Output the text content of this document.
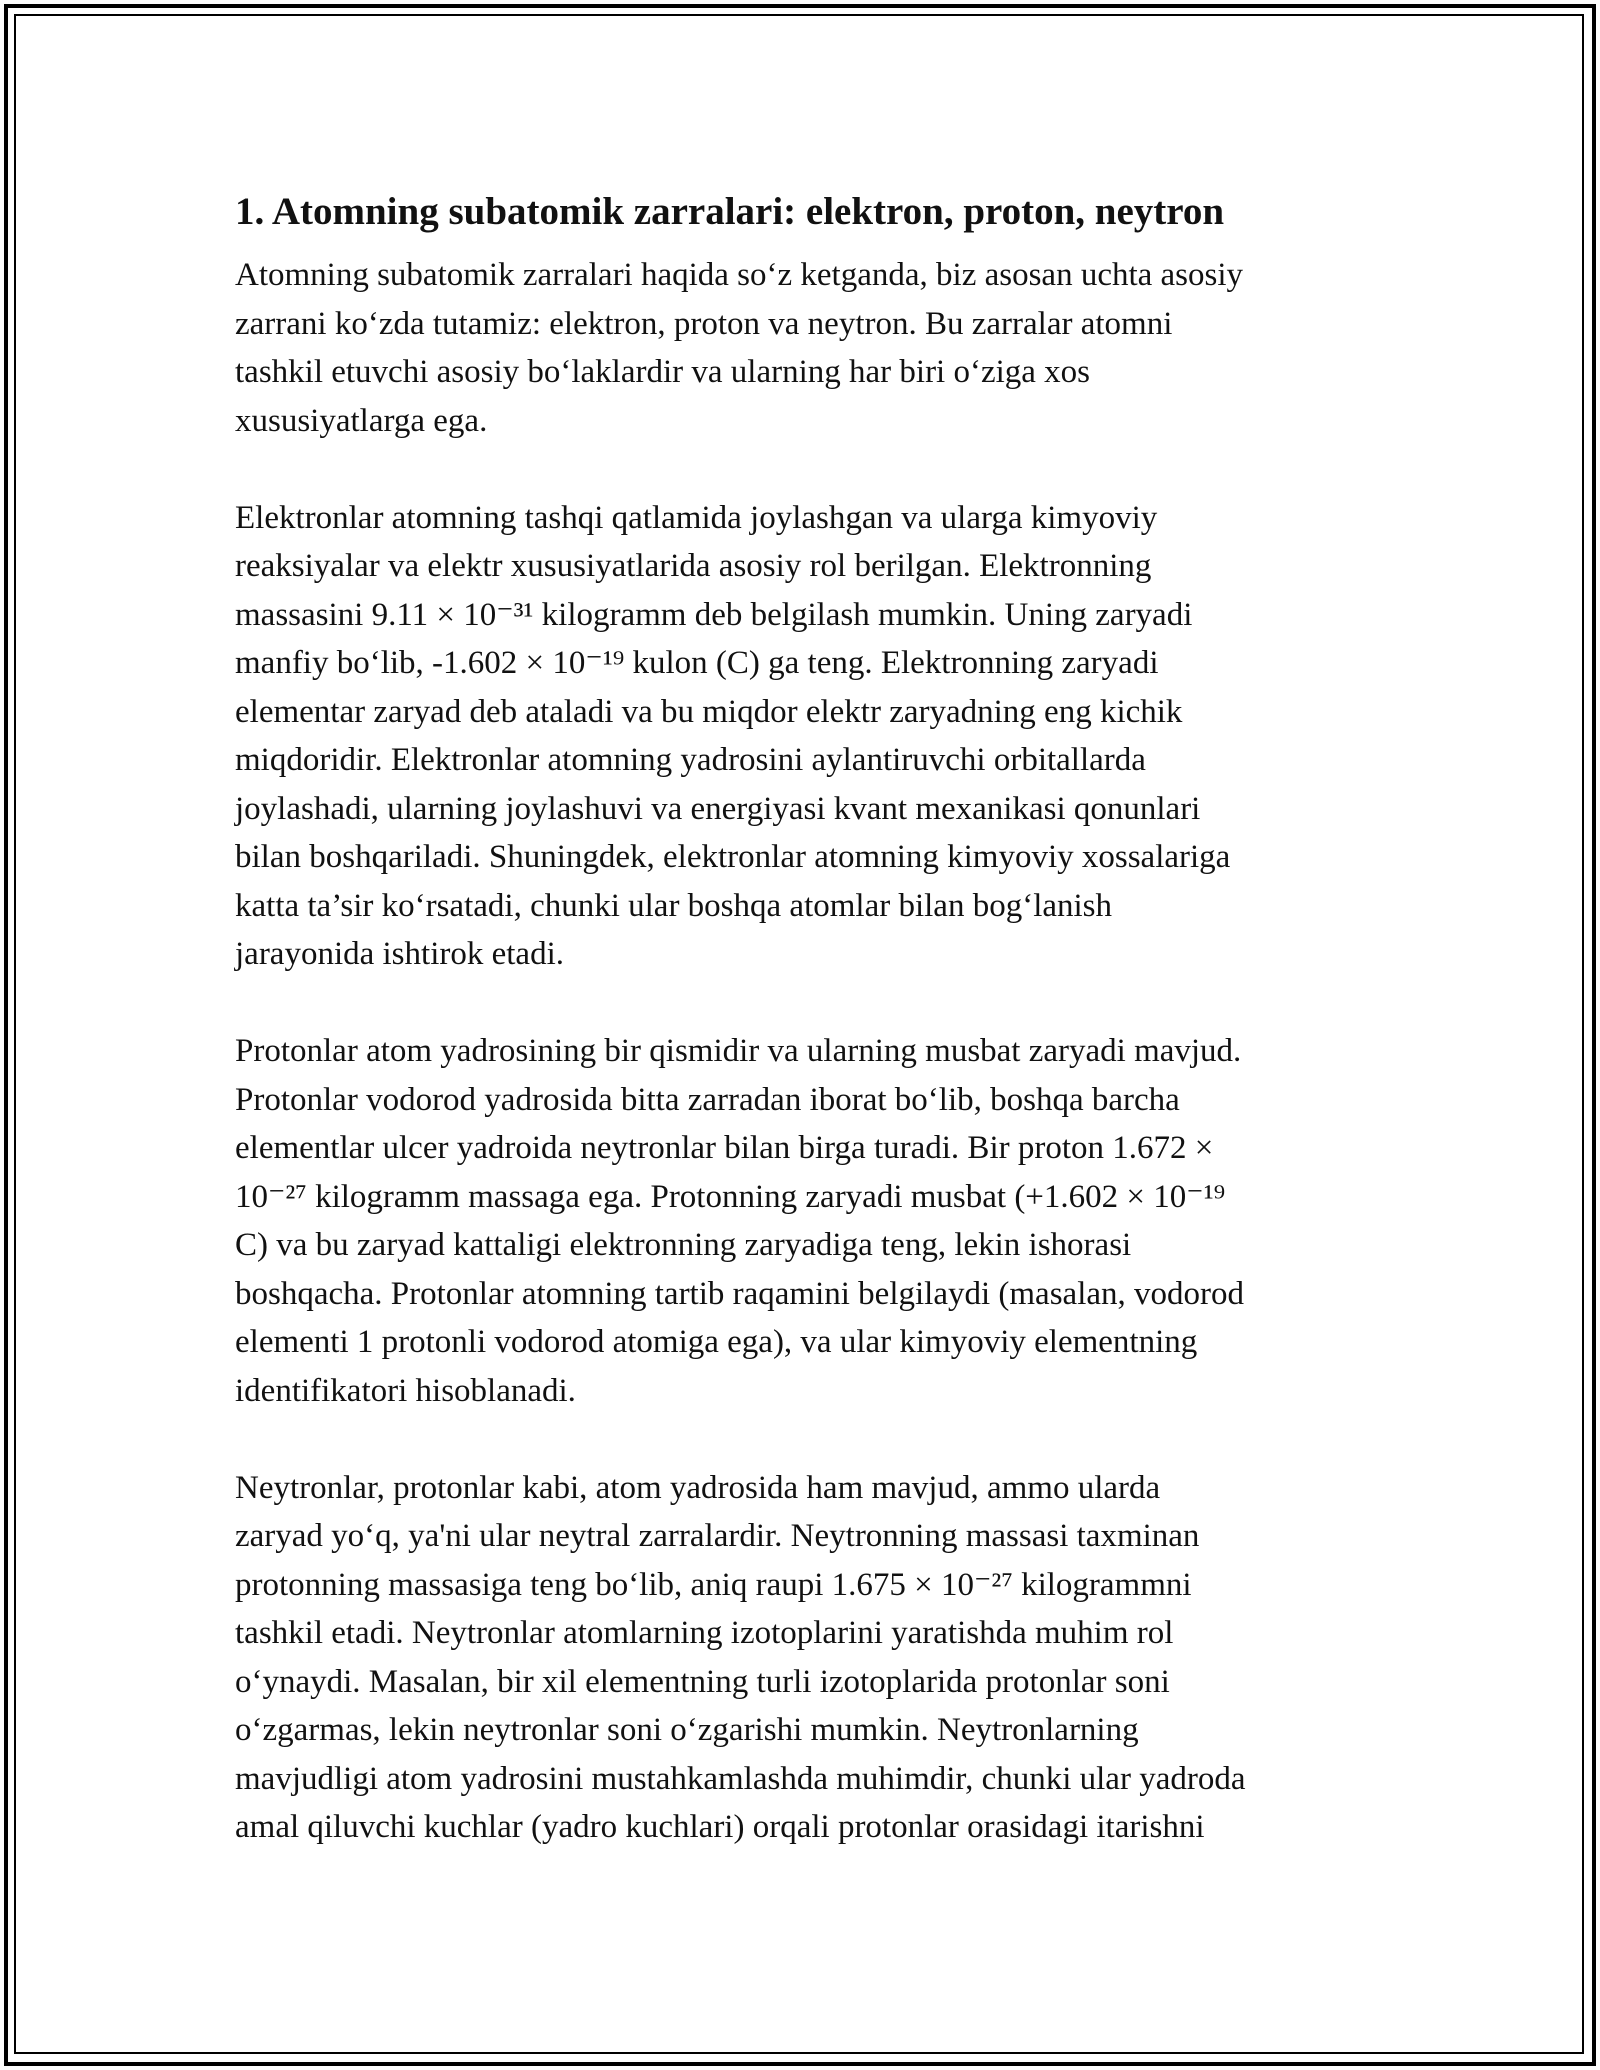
1. Atomning subatomik zarralari: elektron, proton, neytron

Atomning subatomik zarralari haqida so‘z ketganda, biz asosan uchta asosiy
zarrani ko‘zda tutamiz: elektron, proton va neytron. Bu zarralar atomni
tashkil etuvchi asosiy bo‘laklardir va ularning har biri o‘ziga xos
xususiyatlarga ega.

Elektronlar atomning tashqi qatlamida joylashgan va ularga kimyoviy
reaksiyalar va elektr xususiyatlarida asosiy rol berilgan. Elektronning
massasini 9.11 × 10⁻³¹ kilogramm deb belgilash mumkin. Uning zaryadi
manfiy bo‘lib, -1.602 × 10⁻¹⁹ kulon (C) ga teng. Elektronning zaryadi
elementar zaryad deb ataladi va bu miqdor elektr zaryadning eng kichik
miqdoridir. Elektronlar atomning yadrosini aylantiruvchi orbitallarda
joylashadi, ularning joylashuvi va energiyasi kvant mexanikasi qonunlari
bilan boshqariladi. Shuningdek, elektronlar atomning kimyoviy xossalariga
katta ta’sir ko‘rsatadi, chunki ular boshqa atomlar bilan bog‘lanish
jarayonida ishtirok etadi.

Protonlar atom yadrosining bir qismidir va ularning musbat zaryadi mavjud.
Protonlar vodorod yadrosida bitta zarradan iborat bo‘lib, boshqa barcha
elementlar ulcer yadroida neytronlar bilan birga turadi. Bir proton 1.672 ×
10⁻²⁷ kilogramm massaga ega. Protonning zaryadi musbat (+1.602 × 10⁻¹⁹
C) va bu zaryad kattaligi elektronning zaryadiga teng, lekin ishorasi
boshqacha. Protonlar atomning tartib raqamini belgilaydi (masalan, vodorod
elementi 1 protonli vodorod atomiga ega), va ular kimyoviy elementning
identifikatori hisoblanadi.

Neytronlar, protonlar kabi, atom yadrosida ham mavjud, ammo ularda
zaryad yo‘q, ya'ni ular neytral zarralardir. Neytronning massasi taxminan
protonning massasiga teng bo‘lib, aniq raupi 1.675 × 10⁻²⁷ kilogrammni
tashkil etadi. Neytronlar atomlarning izotoplarini yaratishda muhim rol
o‘ynaydi. Masalan, bir xil elementning turli izotoplarida protonlar soni
o‘zgarmas, lekin neytronlar soni o‘zgarishi mumkin. Neytronlarning
mavjudligi atom yadrosini mustahkamlashda muhimdir, chunki ular yadroda
amal qiluvchi kuchlar (yadro kuchlari) orqali protonlar orasidagi itarishni
